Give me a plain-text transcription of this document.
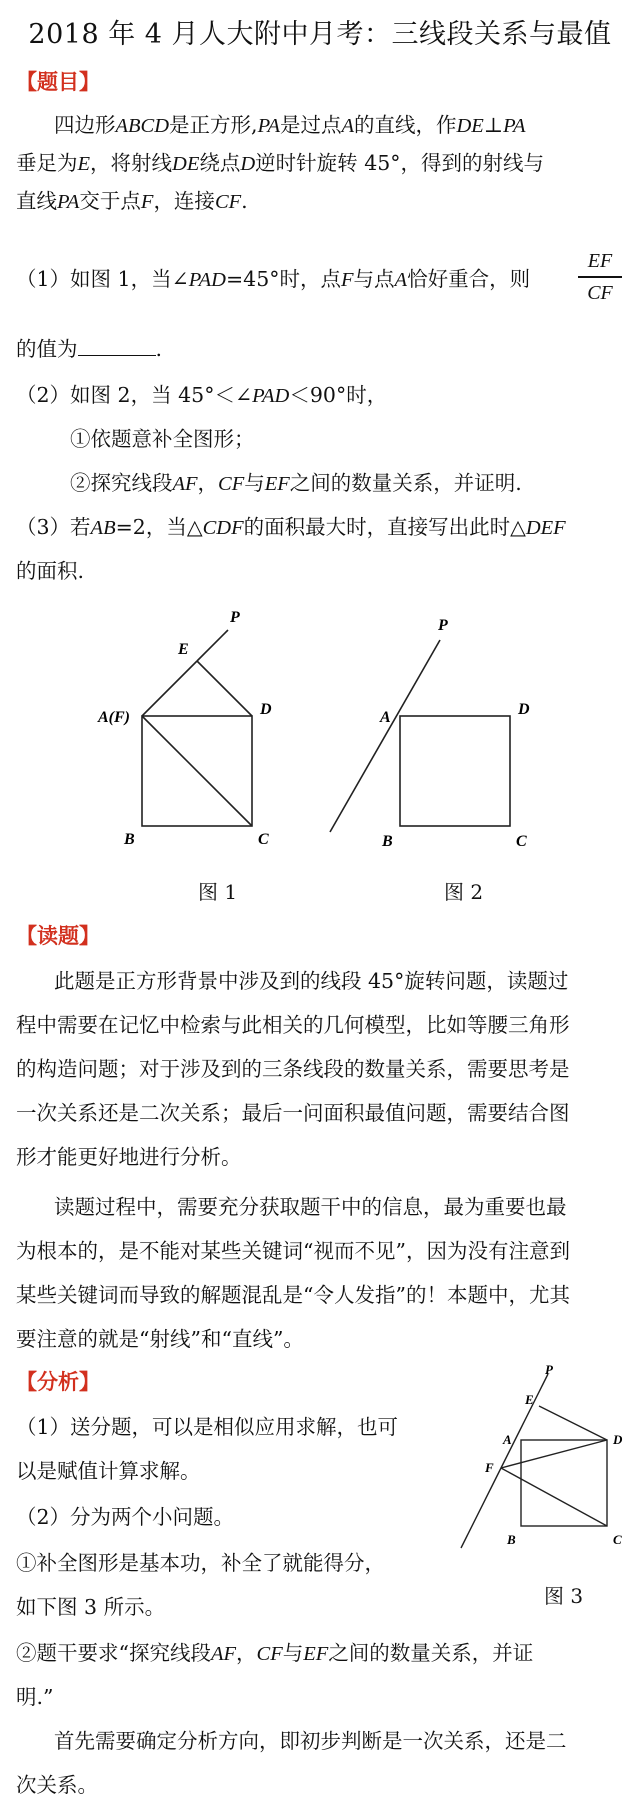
2018 年 4 月人大附中月考：三线段关系与最值
【题目】
四边形ABCD是正方形,PA是过点A的直线，作DE⊥PA
垂足为E，将射线DE绕点D逆时针旋转 45°，得到的射线与
直线PA交于点F，连接CF.
（1）如图 1，当∠PAD=45°时，点F与点A恰好重合，则
EF
CF
的值为	.
（2）如图 2，当 45°＜∠PAD＜90°时，
①依题意补全图形；
②探究线段AF，CF与EF之间的数量关系，并证明.
（3）若AB=2，当△CDF的面积最大时，直接写出此时△DEF
的面积.
P
E
A(F)	D
B	C
图 1
P
A	D
B	C
图 2
【读题】
此题是正方形背景中涉及到的线段 45°旋转问题，读题过
程中需要在记忆中检索与此相关的几何模型，比如等腰三角形
的构造问题；对于涉及到的三条线段的数量关系，需要思考是
一次关系还是二次关系；最后一问面积最值问题，需要结合图
形才能更好地进行分析。
读题过程中，需要充分获取题干中的信息，最为重要也最
为根本的，是不能对某些关键词“视而不见”，因为没有注意到
某些关键词而导致的解题混乱是“令人发指”的！本题中，尤其
要注意的就是“射线”和“直线”。
【分析】
（1）送分题，可以是相似应用求解，也可
以是赋值计算求解。
（2）分为两个小问题。
①补全图形是基本功，补全了就能得分，
如下图 3 所示。
P
E
A	D
F
B	C
图 3
②题干要求“探究线段AF，CF与EF之间的数量关系，并证
明.”
首先需要确定分析方向，即初步判断是一次关系，还是二
次关系。
